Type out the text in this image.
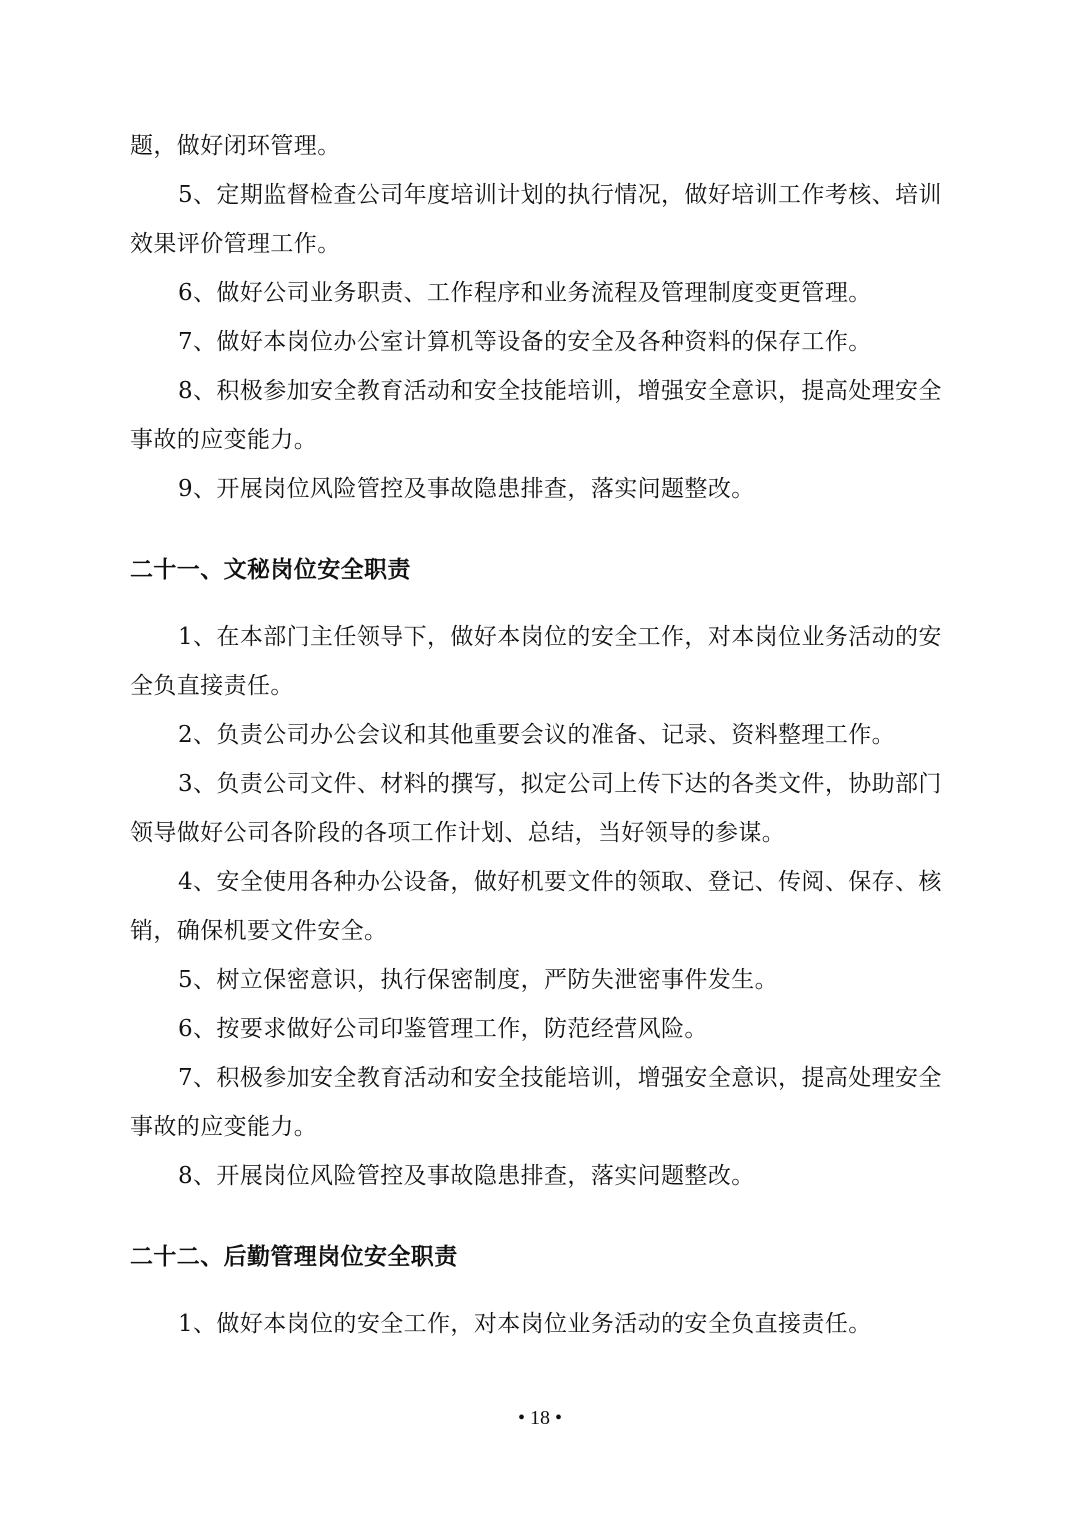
题，做好闭环管理。

5、定期监督检查公司年度培训计划的执行情况，做好培训工作考核、培训效果评价管理工作。

6、做好公司业务职责、工作程序和业务流程及管理制度变更管理。

7、做好本岗位办公室计算机等设备的安全及各种资料的保存工作。

8、积极参加安全教育活动和安全技能培训，增强安全意识，提高处理安全事故的应变能力。

9、开展岗位风险管控及事故隐患排查，落实问题整改。

二十一、文秘岗位安全职责

1、在本部门主任领导下，做好本岗位的安全工作，对本岗位业务活动的安全负直接责任。

2、负责公司办公会议和其他重要会议的准备、记录、资料整理工作。

3、负责公司文件、材料的撰写，拟定公司上传下达的各类文件，协助部门领导做好公司各阶段的各项工作计划、总结，当好领导的参谋。

4、安全使用各种办公设备，做好机要文件的领取、登记、传阅、保存、核销，确保机要文件安全。

5、树立保密意识，执行保密制度，严防失泄密事件发生。

6、按要求做好公司印鉴管理工作，防范经营风险。

7、积极参加安全教育活动和安全技能培训，增强安全意识，提高处理安全事故的应变能力。

8、开展岗位风险管控及事故隐患排查，落实问题整改。

二十二、后勤管理岗位安全职责

1、做好本岗位的安全工作，对本岗位业务活动的安全负直接责任。

• 18 •
